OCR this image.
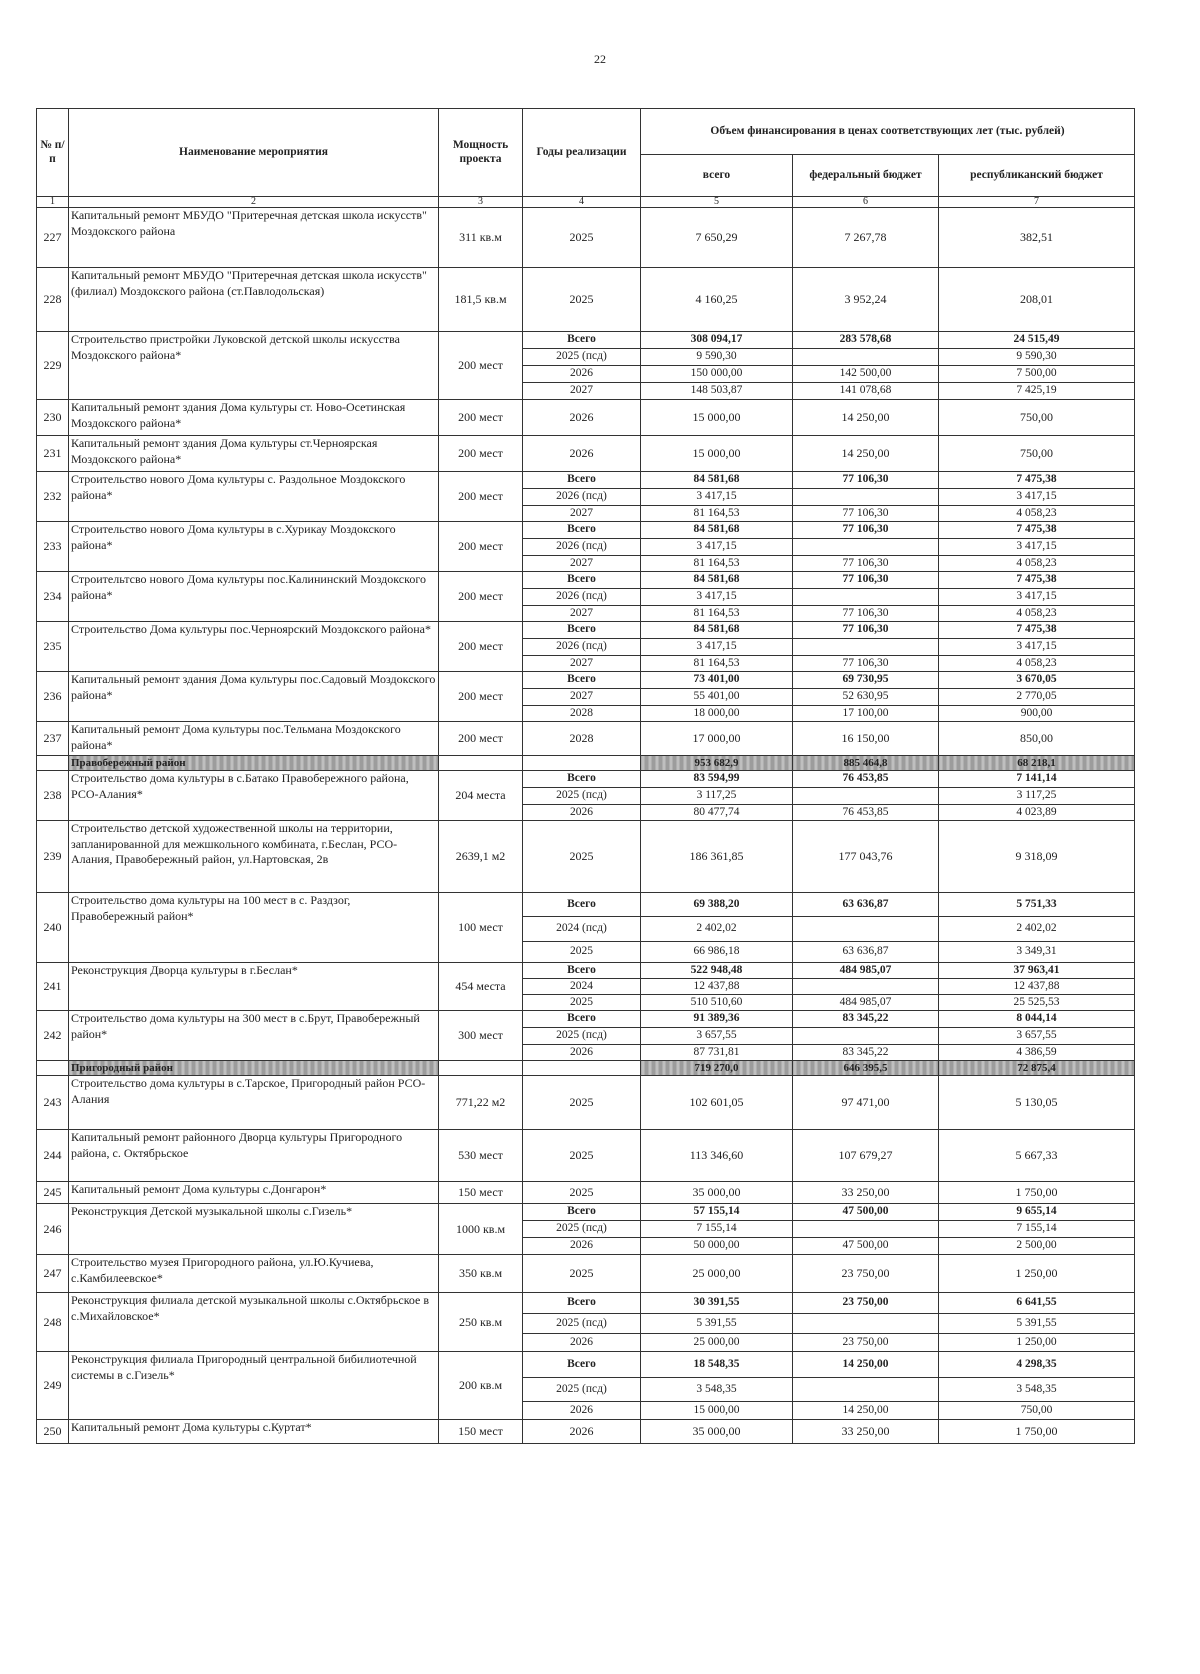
22
№ п/п	Наименование мероприятия	Мощность проекта	Годы реализации	Объем финансирования в ценах соответствующих лет (тыс. рублей)		
				всего	федеральный бюджет	республиканский бюджет
1	2	3	4	5	6	7
227	Капитальный ремонт МБУДО "Притеречная детская школа искусств" Моздокского района	311 кв.м	2025	7 650,29	7 267,78	382,51
228	Капитальный ремонт МБУДО "Притеречная детская школа искусств" (филиал) Моздокского района (ст.Павлодольская)	181,5 кв.м	2025	4 160,25	3 952,24	208,01
229	Строительство пристройки Луковской детской школы искусства Моздокского района*	200 мест	Всего	308 094,17	283 578,68	24 515,49
			2025 (псд)	9 590,30		9 590,30
			2026	150 000,00	142 500,00	7 500,00
			2027	148 503,87	141 078,68	7 425,19
230	Капитальный ремонт здания Дома культуры ст. Ново-Осетинская Моздокского района*	200 мест	2026	15 000,00	14 250,00	750,00
231	Капитальный ремонт здания Дома культуры ст.Черноярская Моздокского района*	200 мест	2026	15 000,00	14 250,00	750,00
232	Строительство нового Дома культуры с. Раздольное Моздокского района*	200 мест	Всего	84 581,68	77 106,30	7 475,38
			2026 (псд)	3 417,15		3 417,15
			2027	81 164,53	77 106,30	4 058,23
233	Строительство нового Дома культуры в с.Хурикау Моздокского района*	200 мест	Всего	84 581,68	77 106,30	7 475,38
			2026 (псд)	3 417,15		3 417,15
			2027	81 164,53	77 106,30	4 058,23
234	Строительтсво нового Дома культуры пос.Калининский Моздокского района*	200 мест	Всего	84 581,68	77 106,30	7 475,38
			2026 (псд)	3 417,15		3 417,15
			2027	81 164,53	77 106,30	4 058,23
235	Строительство Дома культуры пос.Черноярский Моздокского района*	200 мест	Всего	84 581,68	77 106,30	7 475,38
			2026 (псд)	3 417,15		3 417,15
			2027	81 164,53	77 106,30	4 058,23
236	Капитальный ремонт здания Дома культуры пос.Садовый Моздокского района*	200 мест	Всего	73 401,00	69 730,95	3 670,05
			2027	55 401,00	52 630,95	2 770,05
			2028	18 000,00	17 100,00	900,00
237	Капитальный ремонт Дома культуры пос.Тельмана Моздокского района*	200 мест	2028	17 000,00	16 150,00	850,00
	Правобережный район			953 682,9	885 464,8	68 218,1
238	Строительство дома культуры в с.Батако Правобережного района, РСО-Алания*	204 места	Всего	83 594,99	76 453,85	7 141,14
			2025 (псд)	3 117,25		3 117,25
			2026	80 477,74	76 453,85	4 023,89
239	Строительство детской художественной школы на территории, запланированной для межшкольного комбината, г.Беслан, РСО-Алания, Правобережный район, ул.Нартовская, 2в	2639,1 м2	2025	186 361,85	177 043,76	9 318,09
240	Строительство дома культуры на 100 мест в с. Раздзог, Правобережный район*	100 мест	Всего	69 388,20	63 636,87	5 751,33
			2024 (псд)	2 402,02		2 402,02
			2025	66 986,18	63 636,87	3 349,31
241	Реконструкция Дворца культуры в г.Беслан*	454 места	Всего	522 948,48	484 985,07	37 963,41
			2024	12 437,88		12 437,88
			2025	510 510,60	484 985,07	25 525,53
242	Строительство дома культуры на 300 мест в с.Брут, Правобережный район*	300 мест	Всего	91 389,36	83 345,22	8 044,14
			2025 (псд)	3 657,55		3 657,55
			2026	87 731,81	83 345,22	4 386,59
	Пригородный район			719 270,0	646 395,5	72 875,4
243	Строительство дома культуры в с.Тарское, Пригородный район РСО-Алания	771,22 м2	2025	102 601,05	97 471,00	5 130,05
244	Капитальный ремонт районного Дворца культуры Пригородного района, с. Октябрьское	530 мест	2025	113 346,60	107 679,27	5 667,33
245	Капитальный ремонт Дома культуры с.Донгарон*	150 мест	2025	35 000,00	33 250,00	1 750,00
246	Реконструкция Детской музыкальной школы с.Гизель*	1000 кв.м	Всего	57 155,14	47 500,00	9 655,14
			2025 (псд)	7 155,14		7 155,14
			2026	50 000,00	47 500,00	2 500,00
247	Строительство музея Пригородного района, ул.Ю.Кучиева, с.Камбилеевское*	350 кв.м	2025	25 000,00	23 750,00	1 250,00
248	Реконструкция филиала детской музыкальной школы с.Октябрьское в с.Михайловское*	250 кв.м	Всего	30 391,55	23 750,00	6 641,55
			2025 (псд)	5 391,55		5 391,55
			2026	25 000,00	23 750,00	1 250,00
249	Реконструкция филиала Пригородный центральной бибилиотечной системы в с.Гизель*	200 кв.м	Всего	18 548,35	14 250,00	4 298,35
			2025 (псд)	3 548,35		3 548,35
			2026	15 000,00	14 250,00	750,00
250	Капитальный ремонт Дома культуры с.Куртат*	150 мест	2026	35 000,00	33 250,00	1 750,00
